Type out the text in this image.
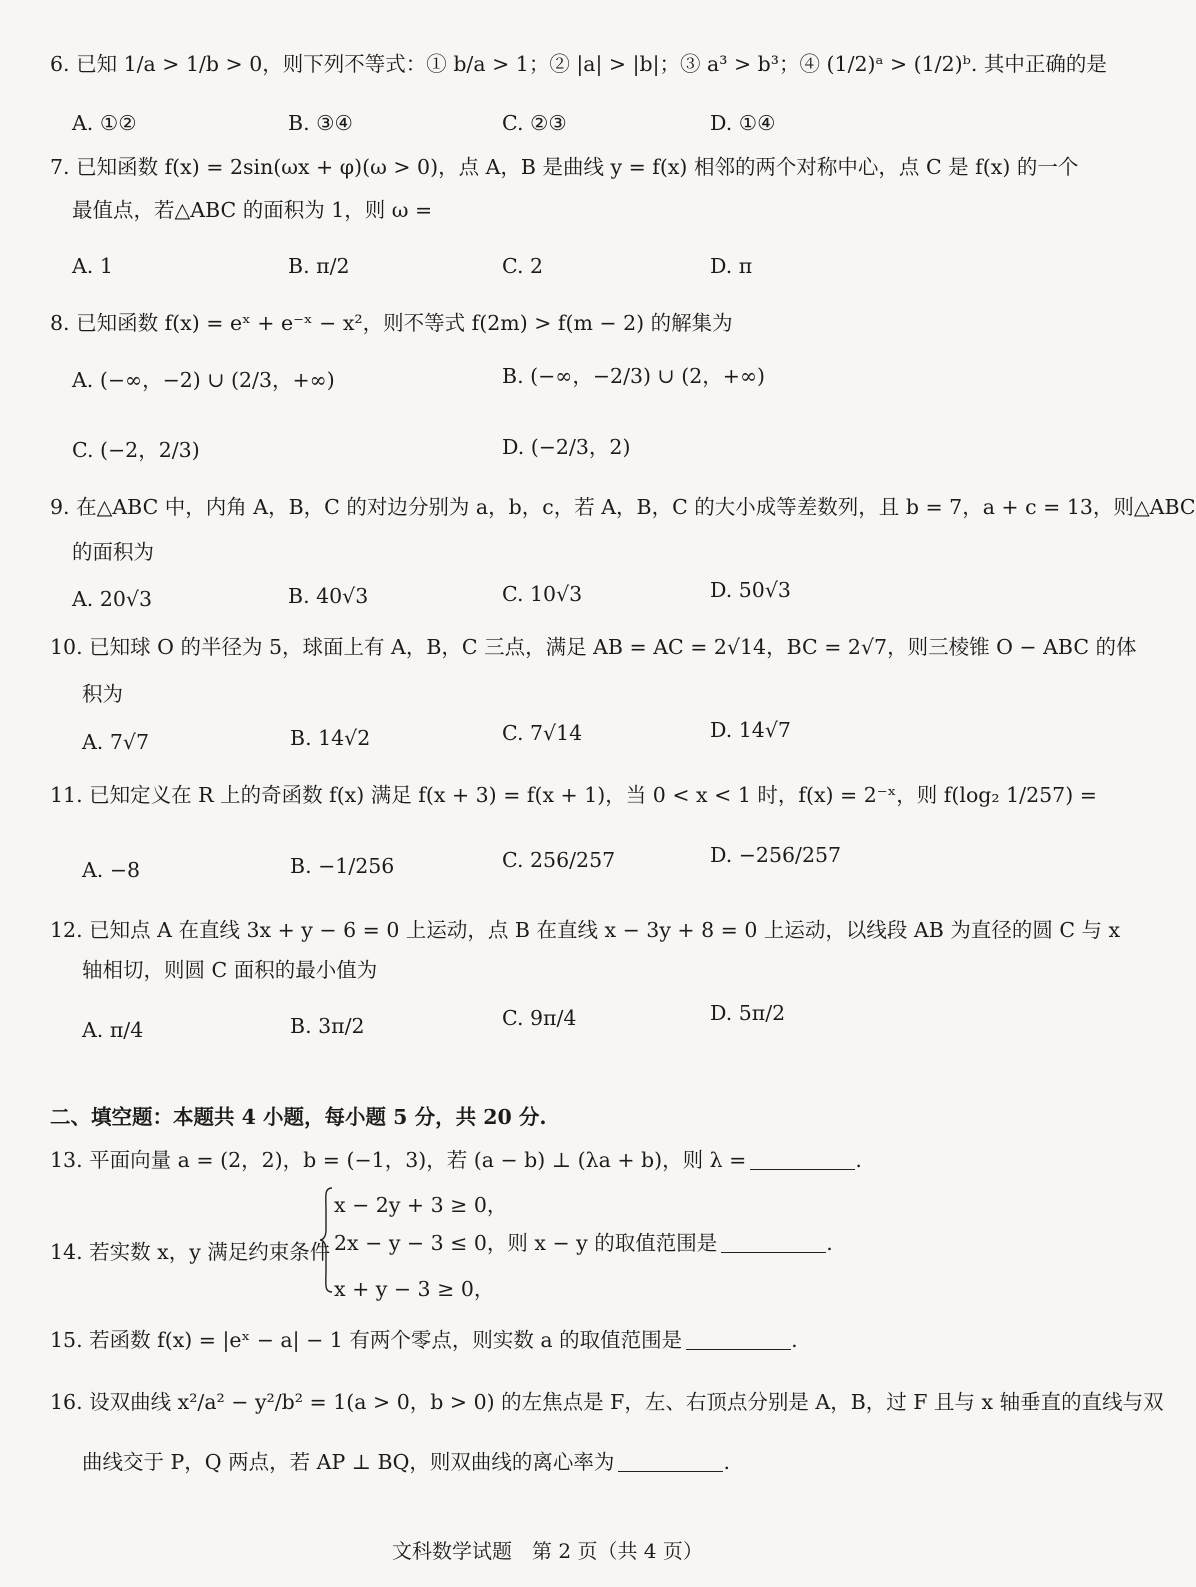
6. 已知 1/a > 1/b > 0，则下列不等式：① b/a > 1；② |a| > |b|；③ a³ > b³；④ (1/2)ᵃ > (1/2)ᵇ. 其中正确的是
A. ①②	B. ③④	C. ②③	D. ①④
7. 已知函数 f(x) = 2sin(ωx + φ)(ω > 0)，点 A，B 是曲线 y = f(x) 相邻的两个对称中心，点 C 是 f(x) 的一个
最值点，若△ABC 的面积为 1，则 ω =
A. 1	B. π/2	C. 2	D. π
8. 已知函数 f(x) = eˣ + e⁻ˣ − x²，则不等式 f(2m) > f(m − 2) 的解集为
A. (−∞，−2) ∪ (2/3，+∞)	B. (−∞，−2/3) ∪ (2，+∞)
C. (−2，2/3)	D. (−2/3，2)
9. 在△ABC 中，内角 A，B，C 的对边分别为 a，b，c，若 A，B，C 的大小成等差数列，且 b = 7，a + c = 13，则△ABC
的面积为
A. 20√3	B. 40√3	C. 10√3	D. 50√3
10. 已知球 O 的半径为 5，球面上有 A，B，C 三点，满足 AB = AC = 2√14，BC = 2√7，则三棱锥 O − ABC 的体
积为
A. 7√7	B. 14√2	C. 7√14	D. 14√7
11. 已知定义在 R 上的奇函数 f(x) 满足 f(x + 3) = f(x + 1)，当 0 < x < 1 时，f(x) = 2⁻ˣ，则 f(log₂ 1/257) =
A. −8	B. −1/256	C. 256/257	D. −256/257
12. 已知点 A 在直线 3x + y − 6 = 0 上运动，点 B 在直线 x − 3y + 8 = 0 上运动，以线段 AB 为直径的圆 C 与 x
轴相切，则圆 C 面积的最小值为
A. π/4	B. 3π/2	C. 9π/4	D. 5π/2
二、填空题：本题共 4 小题，每小题 5 分，共 20 分.
13. 平面向量 a = (2，2)，b = (−1，3)，若 (a − b) ⊥ (λa + b)，则 λ =	.
14. 若实数 x，y 满足约束条件
x − 2y + 3 ≥ 0，
2x − y − 3 ≤ 0，则 x − y 的取值范围是	.
x + y − 3 ≥ 0，
15. 若函数 f(x) = |eˣ − a| − 1 有两个零点，则实数 a 的取值范围是	.
16. 设双曲线 x²/a² − y²/b² = 1(a > 0，b > 0) 的左焦点是 F，左、右顶点分别是 A，B，过 F 且与 x 轴垂直的直线与双
曲线交于 P，Q 两点，若 AP ⊥ BQ，则双曲线的离心率为	.
文科数学试题　第 2 页（共 4 页）
